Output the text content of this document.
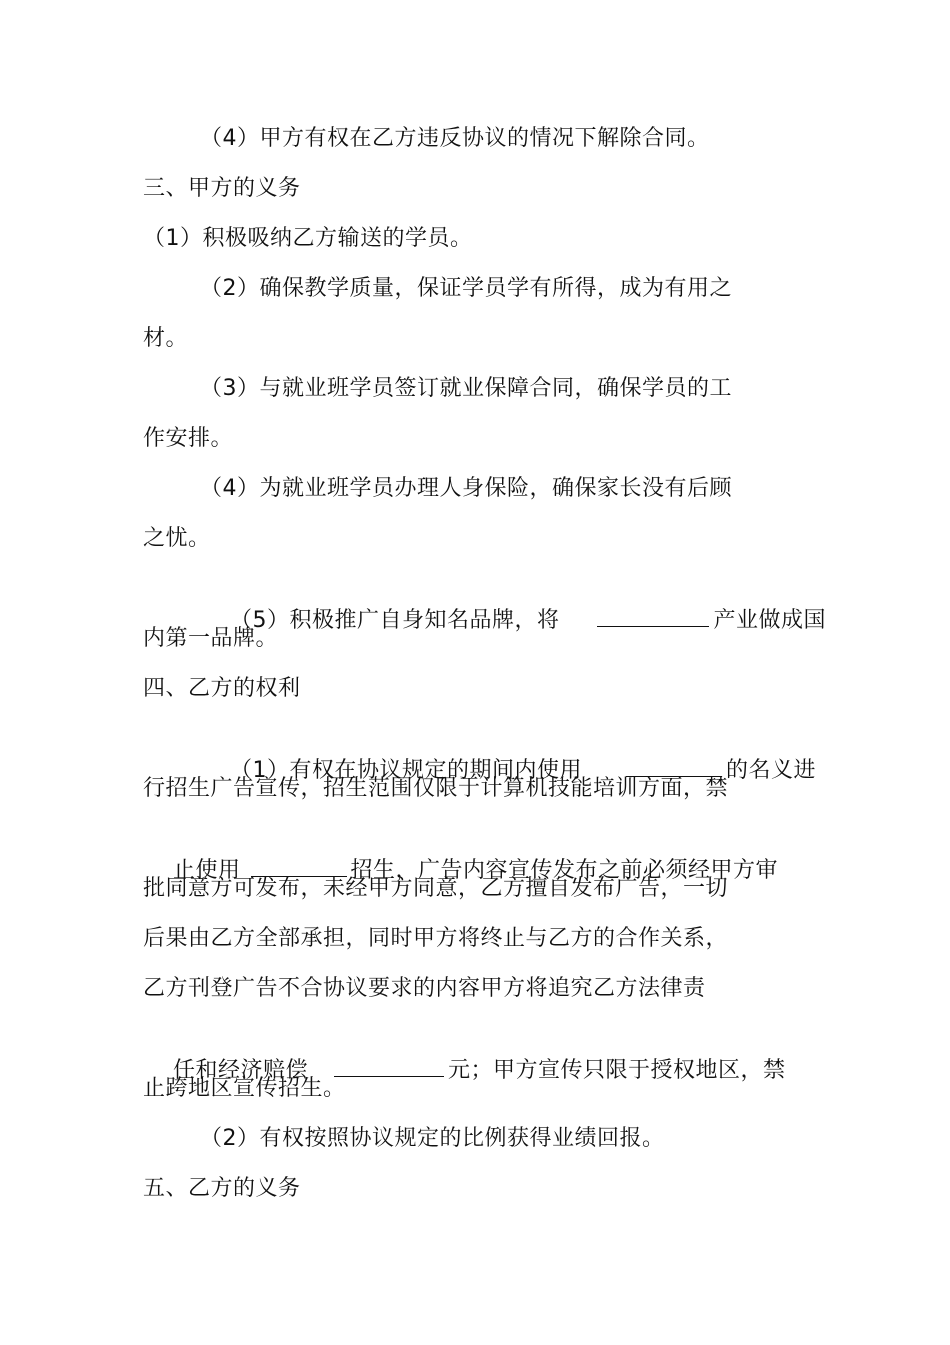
（4）甲方有权在乙方违反协议的情况下解除合同。
三、甲方的义务
（1）积极吸纳乙方输送的学员。
（2）确保教学质量，保证学员学有所得，成为有用之
材。
（3）与就业班学员签订就业保障合同，确保学员的工
作安排。
（4）为就业班学员办理人身保险，确保家长没有后顾
之忧。

（5）积极推广自身知名品牌，将	产业做成国

内第一品牌。
四、乙方的权利

（1）有权在协议规定的期间内使用	的名义进

行招生广告宣传，招生范围仅限于计算机技能培训方面，禁

止使用	招生，广告内容宣传发布之前必须经甲方审

批同意方可发布，未经甲方同意，乙方擅自发布广告，一切
后果由乙方全部承担，同时甲方将终止与乙方的合作关系，
乙方刊登广告不合协议要求的内容甲方将追究乙方法律责

任和经济赔偿	元；甲方宣传只限于授权地区，禁

止跨地区宣传招生。
（2）有权按照协议规定的比例获得业绩回报。
五、乙方的义务
